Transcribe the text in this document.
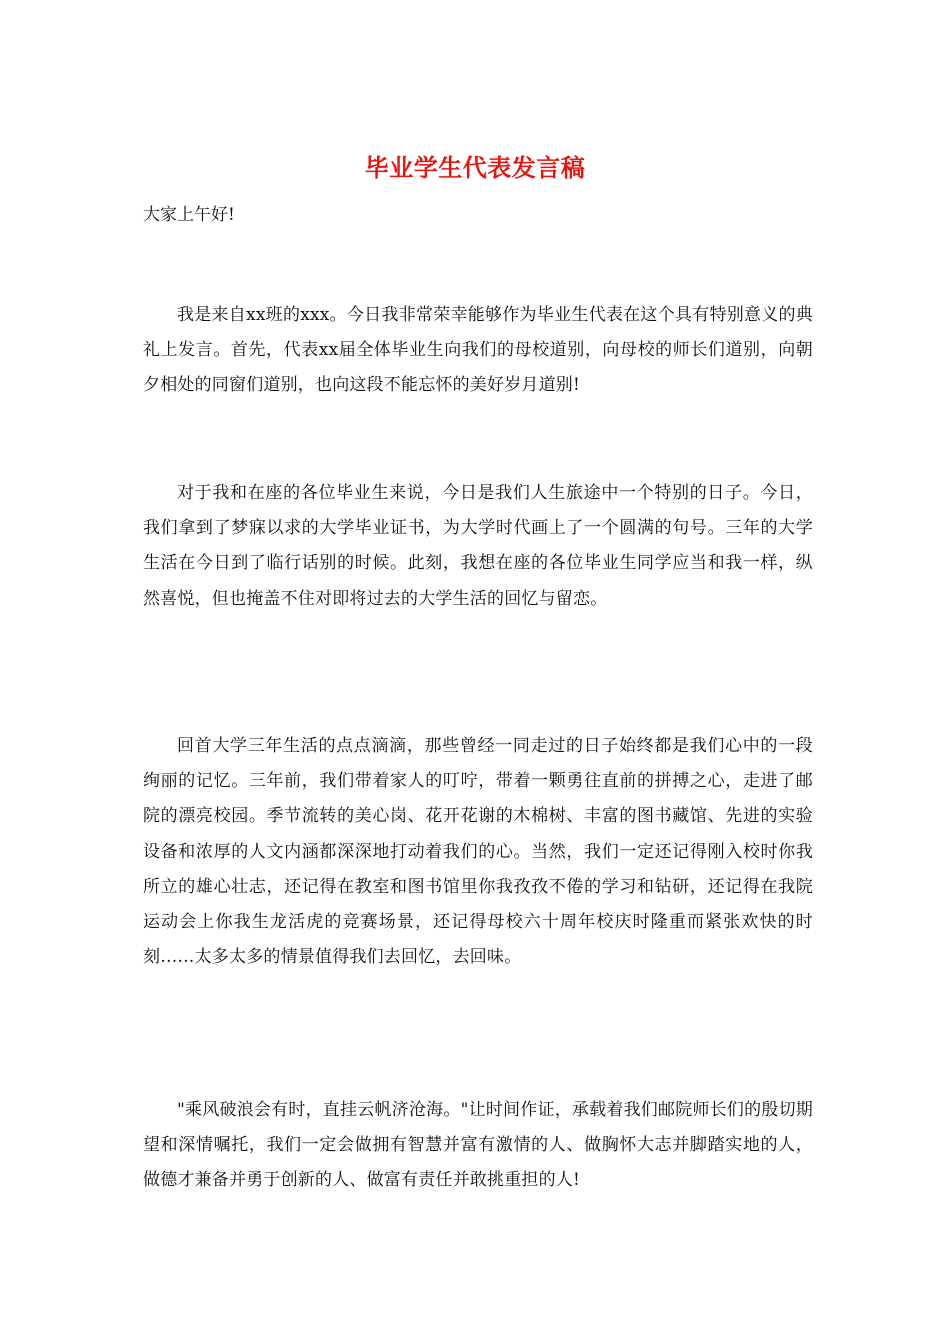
毕业学生代表发言稿
大家上午好!

我是来自xx班的xxx。今日我非常荣幸能够作为毕业生代表在这个具有特别意义的典礼上发言。首先，代表xx届全体毕业生向我们的母校道别，向母校的师长们道别，向朝夕相处的同窗们道别，也向这段不能忘怀的美好岁月道别!

对于我和在座的各位毕业生来说，今日是我们人生旅途中一个特别的日子。今日，我们拿到了梦寐以求的大学毕业证书，为大学时代画上了一个圆满的句号。三年的大学生活在今日到了临行话别的时候。此刻，我想在座的各位毕业生同学应当和我一样，纵然喜悦，但也掩盖不住对即将过去的大学生活的回忆与留恋。

回首大学三年生活的点点滴滴，那些曾经一同走过的日子始终都是我们心中的一段绚丽的记忆。三年前，我们带着家人的叮咛，带着一颗勇往直前的拼搏之心，走进了邮院的漂亮校园。季节流转的美心岗、花开花谢的木棉树、丰富的图书藏馆、先进的实验设备和浓厚的人文内涵都深深地打动着我们的心。当然，我们一定还记得刚入校时你我所立的雄心壮志，还记得在教室和图书馆里你我孜孜不倦的学习和钻研，还记得在我院运动会上你我生龙活虎的竞赛场景，还记得母校六十周年校庆时隆重而紧张欢快的时刻……太多太多的情景值得我们去回忆，去回味。

"乘风破浪会有时，直挂云帆济沧海。"让时间作证，承载着我们邮院师长们的殷切期望和深情嘱托，我们一定会做拥有智慧并富有激情的人、做胸怀大志并脚踏实地的人，做德才兼备并勇于创新的人、做富有责任并敢挑重担的人!
